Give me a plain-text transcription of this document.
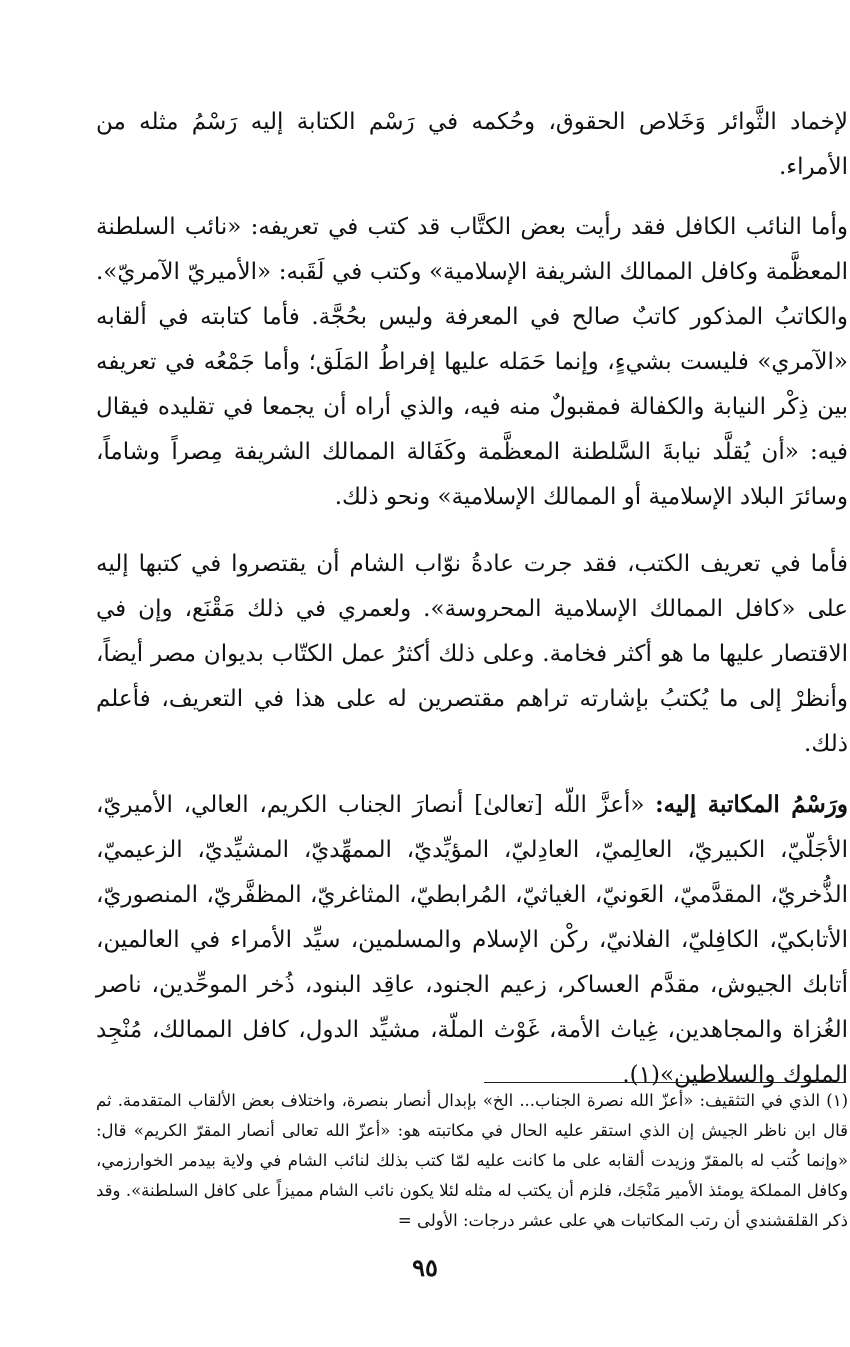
لإخماد الثَّوائر وَخَلاص الحقوق، وحُكمه في رَسْم الكتابة إليه رَسْمُ مثله من الأمراء.

وأما النائب الكافل فقد رأيت بعض الكتَّاب قد كتب في تعريفه: «نائب السلطنة المعظَّمة وكافل الممالك الشريفة الإسلامية» وكتب في لَقَبه: «الأميريّ الآمريّ». والكاتبُ المذكور كاتبٌ صالح في المعرفة وليس بحُجَّة. فأما كتابته في ألقابه «الآمري» فليست بشيءٍ، وإنما حَمَله عليها إفراطُ المَلَق؛ وأما جَمْعُه في تعريفه بين ذِكْر النيابة والكفالة فمقبولٌ منه فيه، والذي أراه أن يجمعا في تقليده فيقال فيه: «أن يُقلَّد نيابةَ السَّلطنة المعظَّمة وكَفَالة الممالك الشريفة مِصراً وشاماً، وسائرَ البلاد الإسلامية أو الممالك الإسلامية» ونحو ذلك.

فأما في تعريف الكتب، فقد جرت عادةُ نوّاب الشام أن يقتصروا في كتبها إليه على «كافل الممالك الإسلامية المحروسة». ولعمري في ذلك مَقْنَع، وإن في الاقتصار عليها ما هو أكثر فخامة. وعلى ذلك أكثرُ عمل الكتّاب بديوان مصر أيضاً، وأنظرْ إلى ما يُكتبُ بإشارته تراهم مقتصرين له على هذا في التعريف، فأعلم ذلك.

ورَسْمُ المكاتبة إليه: «أعزَّ اللّه [تعالىٰ] أنصارَ الجناب الكريم، العالي، الأميريّ، الأجَلّيّ، الكبيريّ، العالِميّ، العادِليّ، المؤيِّديّ، الممهِّديّ، المشيِّديّ، الزعيميّ، الذُّخريّ، المقدَّميّ، العَونيّ، الغياثيّ، المُرابطيّ، المثاغريّ، المظفَّريّ، المنصوريّ، الأتابكيّ، الكافِليّ، الفلانيّ، ركْن الإسلام والمسلمين، سيِّد الأمراء في العالمين، أتابك الجيوش، مقدَّم العساكر، زعيم الجنود، عاقِد البنود، ذُخر الموحِّدين، ناصر الغُزاة والمجاهدين، غِياث الأمة، غَوْث الملّة، مشيِّد الدول، كافل الممالك، مُنْجِد الملوك والسلاطين»(١).

(١) الذي في التثقيف: «أعزّ الله نصرة الجناب... الخ» بإبدال أنصار بنصرة، واختلاف بعض الألقاب المتقدمة. ثم قال ابن ناظر الجيش إن الذي استقر عليه الحال في مكاتبته هو: «أعزّ الله تعالى أنصار المقرّ الكريم» قال: «وإنما كُتب له بالمقرّ وزيدت ألقابه على ما كانت عليه لمّا كتب بذلك لنائب الشام في ولاية بيدمر الخوارزمي، وكافل المملكة يومئذ الأمير مَنْجَك، فلزم أن يكتب له مثله لئلا يكون نائب الشام مميزاً على كافل السلطنة». وقد ذكر القلقشندي أن رتب المكاتبات هي على عشر درجات: الأولى =

٩٥
